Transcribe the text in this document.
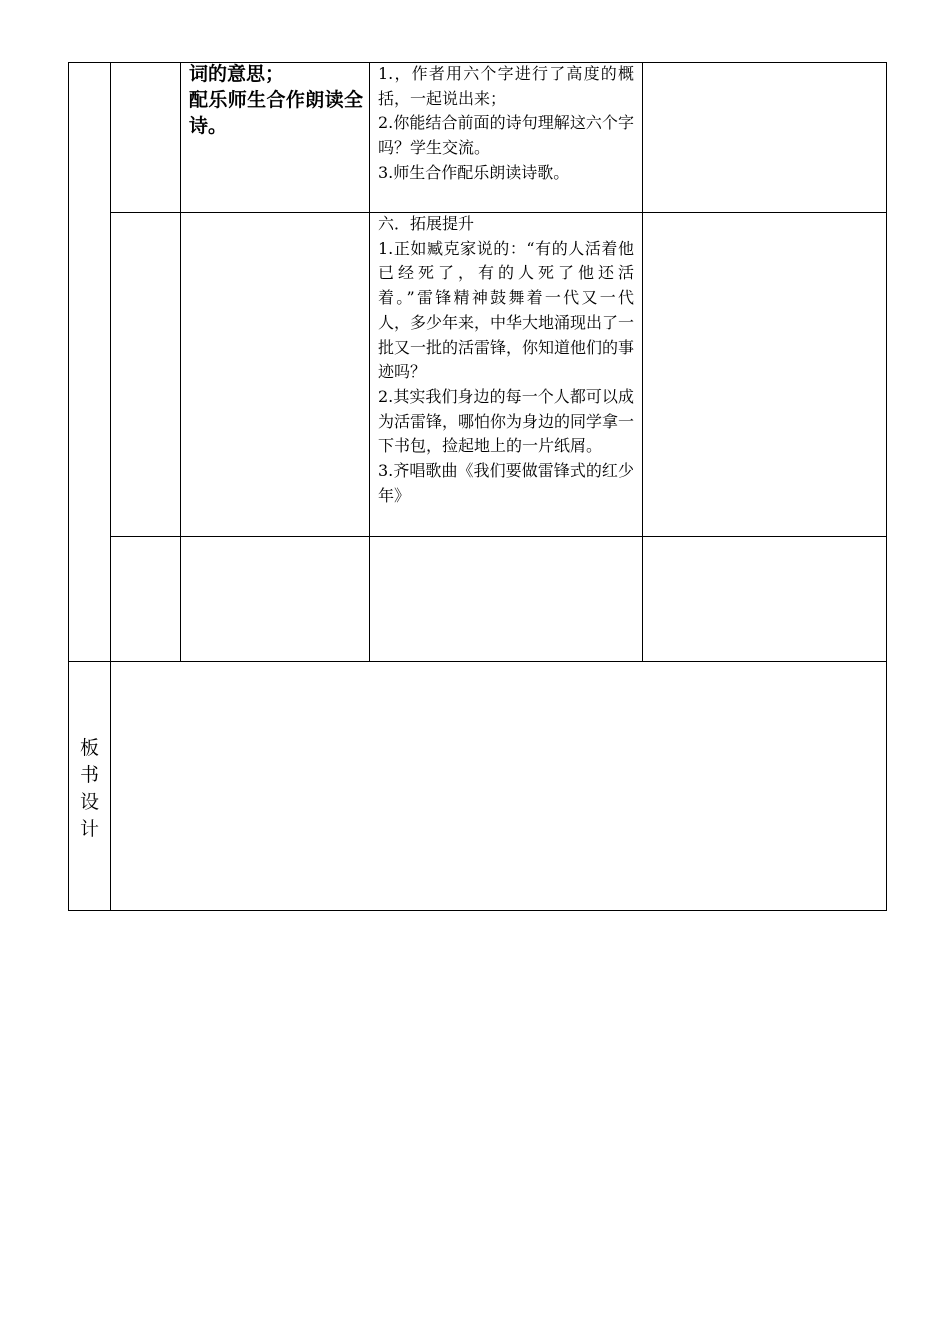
词的意思；
配乐师生合作朗读全诗。

1.，作者用六个字进行了高度的概括，一起说出来；

2.你能结合前面的诗句理解这六个字吗？学生交流。

3.师生合作配乐朗读诗歌。

六．拓展提升

1.正如臧克家说的：“有的人活着他已经死了，有的人死了他还活着。”雷锋精神鼓舞着一代又一代人，多少年来，中华大地涌现出了一批又一批的活雷锋，你知道他们的事迹吗？

2.其实我们身边的每一个人都可以成为活雷锋，哪怕你为身边的同学拿一下书包，捡起地上的一片纸屑。

3.齐唱歌曲《我们要做雷锋式的红少年》

板
书
设
计
